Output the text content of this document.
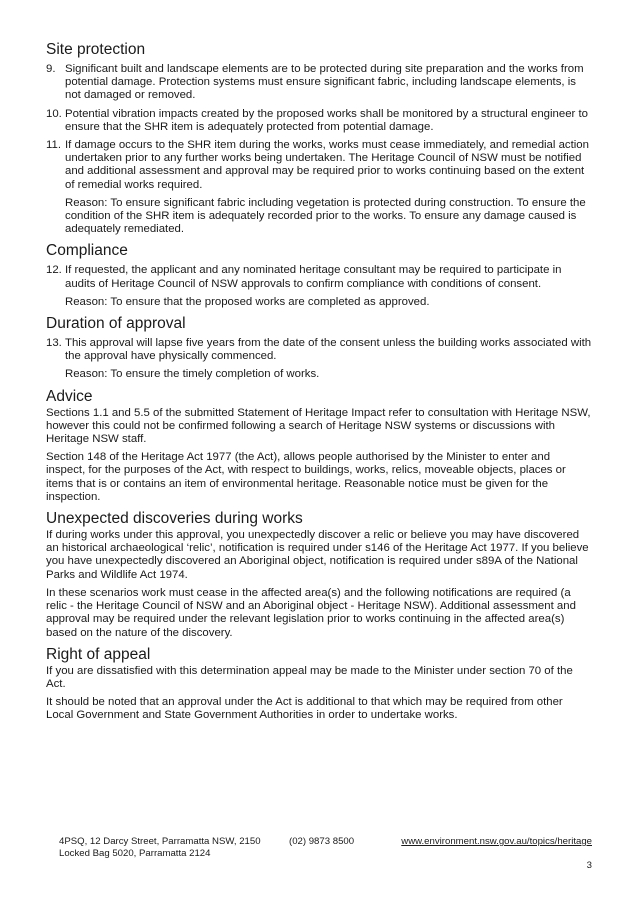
Site protection
9. Significant built and landscape elements are to be protected during site preparation and the works from potential damage. Protection systems must ensure significant fabric, including landscape elements, is not damaged or removed.
10. Potential vibration impacts created by the proposed works shall be monitored by a structural engineer to ensure that the SHR item is adequately protected from potential damage.
11. If damage occurs to the SHR item during the works, works must cease immediately, and remedial action undertaken prior to any further works being undertaken. The Heritage Council of NSW must be notified and additional assessment and approval may be required prior to works continuing based on the extent of remedial works required.

Reason: To ensure significant fabric including vegetation is protected during construction. To ensure the condition of the SHR item is adequately recorded prior to the works. To ensure any damage caused is adequately remediated.

Compliance
12. If requested, the applicant and any nominated heritage consultant may be required to participate in audits of Heritage Council of NSW approvals to confirm compliance with conditions of consent.

Reason: To ensure that the proposed works are completed as approved.

Duration of approval
13. This approval will lapse five years from the date of the consent unless the building works associated with the approval have physically commenced.

Reason: To ensure the timely completion of works.

Advice

Sections 1.1 and 5.5 of the submitted Statement of Heritage Impact refer to consultation with Heritage NSW, however this could not be confirmed following a search of Heritage NSW systems or discussions with Heritage NSW staff.

Section 148 of the Heritage Act 1977 (the Act), allows people authorised by the Minister to enter and inspect, for the purposes of the Act, with respect to buildings, works, relics, moveable objects, places or items that is or contains an item of environmental heritage. Reasonable notice must be given for the inspection.

Unexpected discoveries during works

If during works under this approval, you unexpectedly discover a relic or believe you may have discovered an historical archaeological ‘relic’, notification is required under s146 of the Heritage Act 1977. If you believe you have unexpectedly discovered an Aboriginal object, notification is required under s89A of the National Parks and Wildlife Act 1974.

In these scenarios work must cease in the affected area(s) and the following notifications are required (a relic - the Heritage Council of NSW and an Aboriginal object - Heritage NSW). Additional assessment and approval may be required under the relevant legislation prior to works continuing in the affected area(s) based on the nature of the discovery.

Right of appeal

If you are dissatisfied with this determination appeal may be made to the Minister under section 70 of the Act.

It should be noted that an approval under the Act is additional to that which may be required from other Local Government and State Government Authorities in order to undertake works.

4PSQ, 12 Darcy Street, Parramatta NSW, 2150
Locked Bag 5020, Parramatta 2124
(02) 9873 8500	www.environment.nsw.gov.au/topics/heritage
3
